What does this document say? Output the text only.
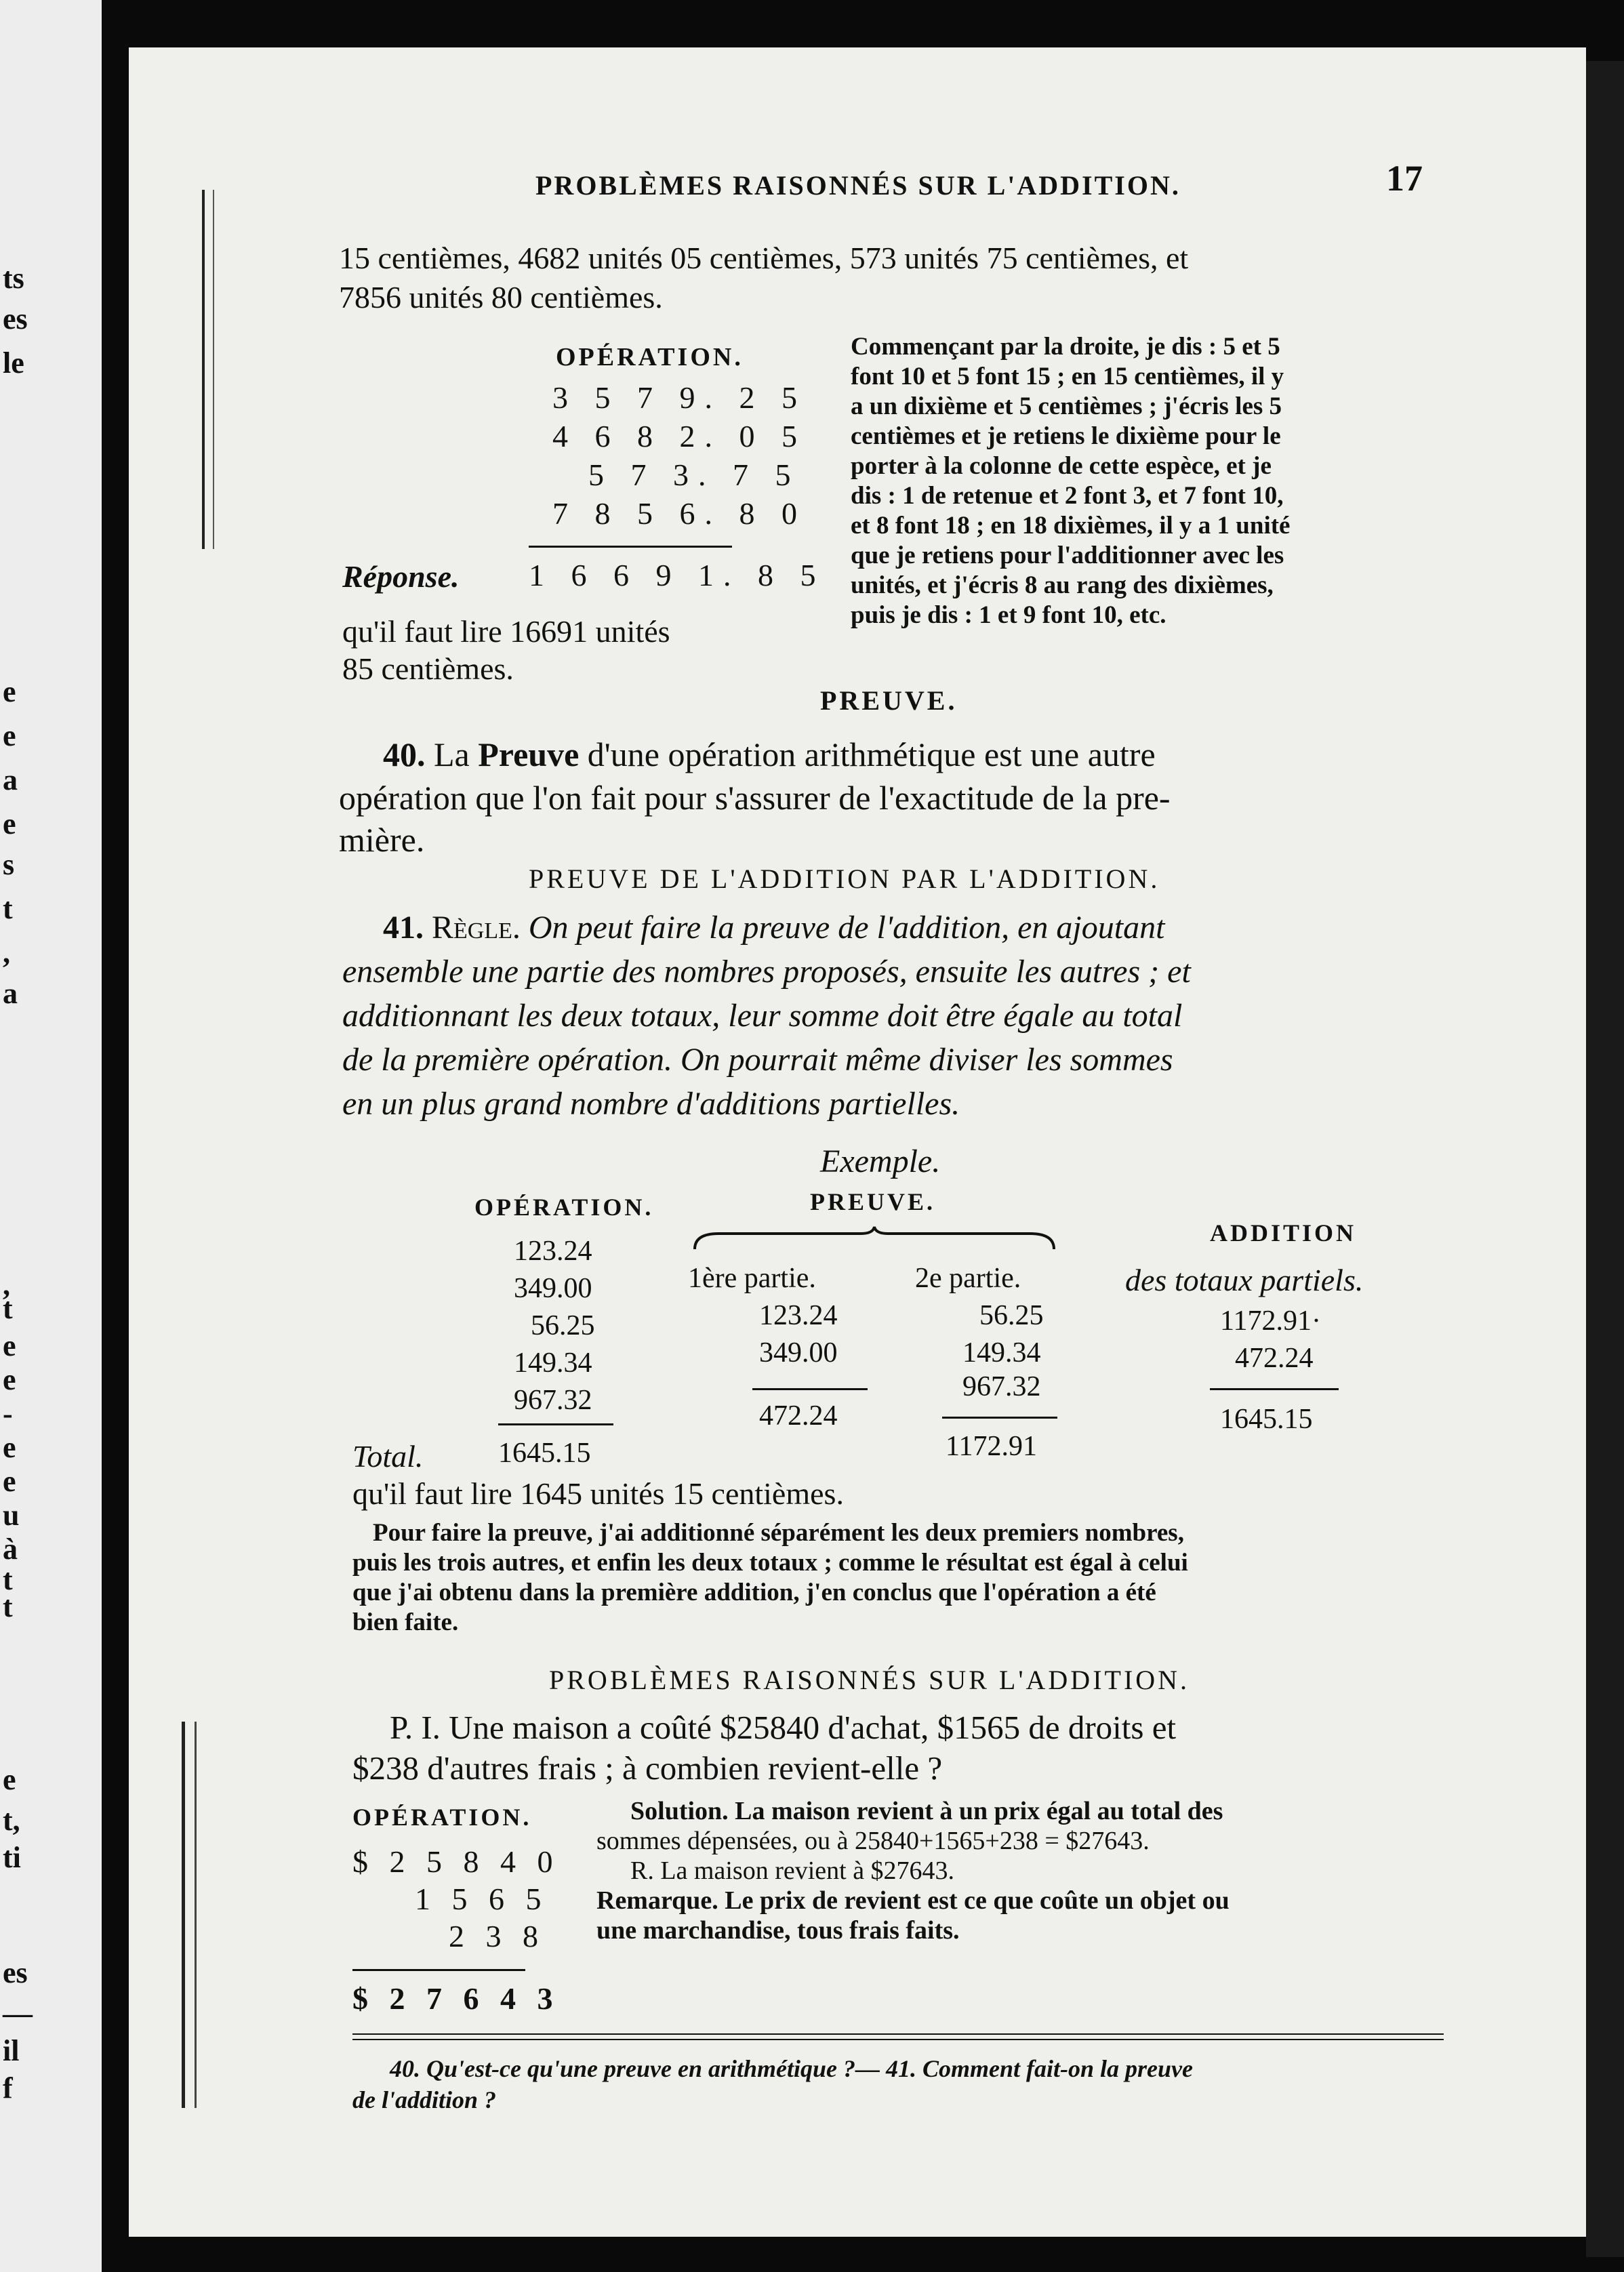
ts
es
le
e
e
a
e
s
t
,
a
,
t
e
e
-
e
e
u
à
t
t
e
t,
ti
es
—
il
f
PROBLÈMES RAISONNÉS SUR L'ADDITION.	17
15 centièmes, 4682 unités 05 centièmes, 573 unités 75 centièmes, et
7856 unités 80 centièmes.
OPÉRATION.
3 5 7 9. 2 5
4 6 8 2. 0 5
5 7 3. 7 5
7 8 5 6. 8 0
Réponse. 1 6 6 9 1. 8 5
qu'il faut lire 16691 unités
85 centièmes.
Commençant par la droite, je dis : 5 et 5
font 10 et 5 font 15 ; en 15 centièmes, il y
a un dixième et 5 centièmes ; j'écris les 5
centièmes et je retiens le dixième pour le
porter à la colonne de cette espèce, et je
dis : 1 de retenue et 2 font 3, et 7 font 10,
et 8 font 18 ; en 18 dixièmes, il y a 1 unité
que je retiens pour l'additionner avec les
unités, et j'écris 8 au rang des dixièmes,
puis je dis : 1 et 9 font 10, etc.
PREUVE.
40. La Preuve d'une opération arithmétique est une autre
opération que l'on fait pour s'assurer de l'exactitude de la pre-
mière.
PREUVE DE L'ADDITION PAR L'ADDITION.
41. Règle. On peut faire la preuve de l'addition, en ajoutant
ensemble une partie des nombres proposés, ensuite les autres ; et
additionnant les deux totaux, leur somme doit être égale au total
de la première opération. On pourrait même diviser les sommes
en un plus grand nombre d'additions partielles.
Exemple.
OPÉRATION.	PREUVE.
ADDITION
123.24
349.00
56.25
149.34
967.32
Total.	1645.15
1ère partie.
123.24
349.00
472.24
2e partie.
56.25
149.34
967.32
1172.91
des totaux partiels.
1172.91·
472.24
1645.15
qu'il faut lire 1645 unités 15 centièmes.
Pour faire la preuve, j'ai additionné séparément les deux premiers nombres,
puis les trois autres, et enfin les deux totaux ; comme le résultat est égal à celui
que j'ai obtenu dans la première addition, j'en conclus que l'opération a été
bien faite.
PROBLÈMES RAISONNÉS SUR L'ADDITION.
P. I. Une maison a coûté $25840 d'achat, $1565 de droits et
$238 d'autres frais ; à combien revient-elle ?
OPÉRATION.
$ 2 5 8 4 0
1 5 6 5
2 3 8
$ 2 7 6 4 3
Solution. La maison revient à un prix égal au total des
sommes dépensées, ou à 25840+1565+238 = $27643.
R. La maison revient à $27643.
Remarque. Le prix de revient est ce que coûte un objet ou
une marchandise, tous frais faits.
40. Qu'est-ce qu'une preuve en arithmétique ?— 41. Comment fait-on la preuve
de l'addition ?
